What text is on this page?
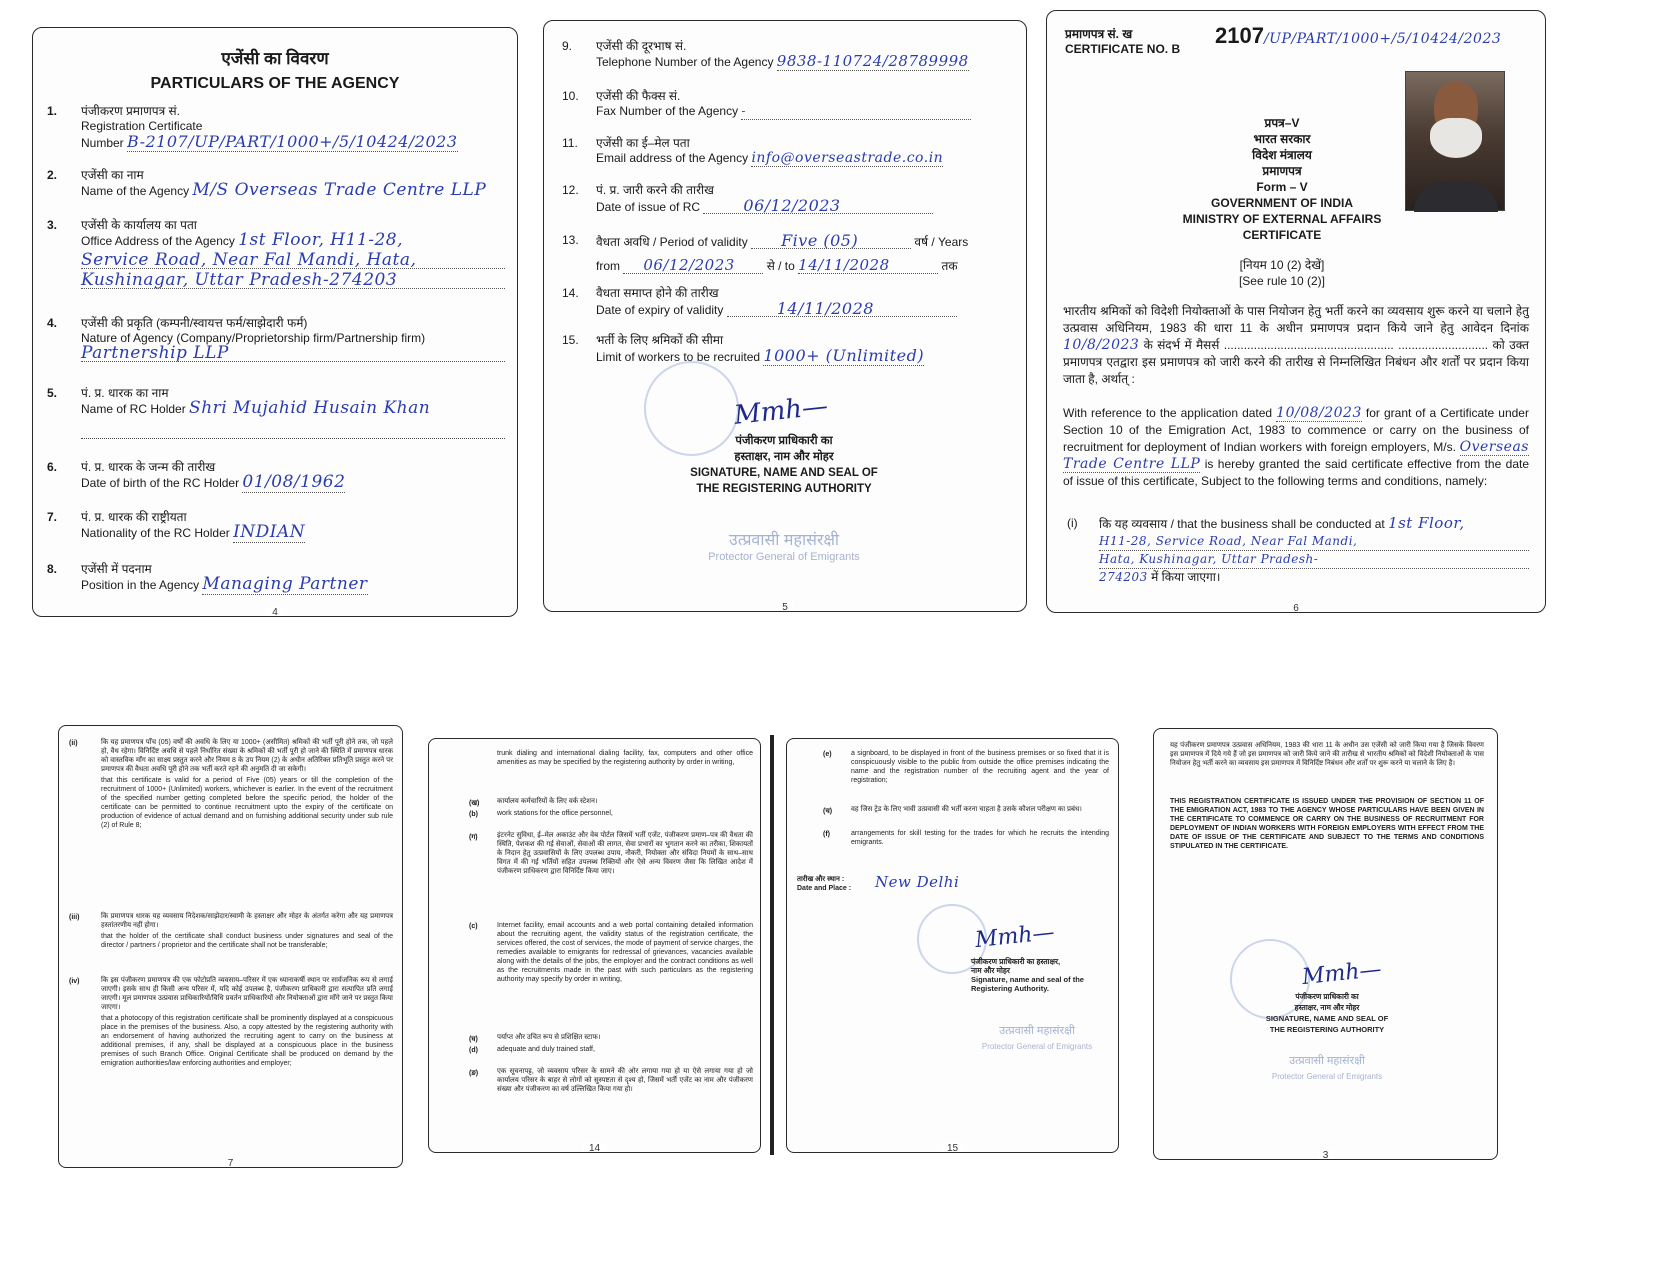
एजेंसी का विवरण
PARTICULARS OF THE AGENCY
1. पंजीकरण प्रमाणपत्र सं.
Registration Certificate
Number B-2107/UP/PART/1000+/5/10424/2023
2. एजेंसी का नाम
Name of the Agency M/S Overseas Trade Centre LLP
3. एजेंसी के कार्यालय का पता
Office Address of the Agency 1st Floor, H11-28,
Service Road, Near Fal Mandi, Hata,
Kushinagar, Uttar Pradesh-274203
4. एजेंसी की प्रकृति (कम्पनी/स्वायत्त फर्म/साझेदारी फर्म)
Nature of Agency (Company/Proprietorship firm/Partnership firm)
Partnership LLP
5. पं. प्र. धारक का नाम
Name of RC Holder Shri Mujahid Husain Khan
6. पं. प्र. धारक के जन्म की तारीख
Date of birth of the RC Holder 01/08/1962
7. पं. प्र. धारक की राष्ट्रीयता
Nationality of the RC Holder INDIAN
8. एजेंसी में पदनाम
Position in the Agency Managing Partner
4
9. एजेंसी की दूरभाष सं.
Telephone Number of the Agency 9838-110724/28789998
10. एजेंसी की फैक्स सं.
Fax Number of the Agency -
11. एजेंसी का ई–मेल पता
Email address of the Agency info@overseastrade.co.in
12. पं. प्र. जारी करने की तारीख
Date of issue of RC	06/12/2023
13. वैधता अवधि / Period of validity Five (05)	वर्ष / Years
from 06/12/2023	से / to 14/11/2028	तक
14. वैधता समाप्त होने की तारीख
Date of expiry of validity	14/11/2028
15. भर्ती के लिए श्रमिकों की सीमा
Limit of workers to be recruited 1000+ (Unlimited)
Mmh—
पंजीकरण प्राधिकारी का
हस्ताक्षर, नाम और मोहर
SIGNATURE, NAME AND SEAL OF
THE REGISTERING AUTHORITY
उत्प्रवासी महासंरक्षी
Protector General of Emigrants
5
प्रमाणपत्र सं. ख
CERTIFICATE NO. B
2107/UP/PART/1000+/5/10424/2023
प्रपत्र–V
भारत सरकार
विदेश मंत्रालय
प्रमाणपत्र
Form – V
GOVERNMENT OF INDIA
MINISTRY OF EXTERNAL AFFAIRS
CERTIFICATE
[नियम 10 (2) देखें]
[See rule 10 (2)]
भारतीय श्रमिकों को विदेशी नियोक्ताओं के पास नियोजन हेतु भर्ती करने का व्यवसाय शुरू करने या चलाने हेतु उत्प्रवास अधिनियम, 1983 की धारा 11 के अधीन प्रमाणपत्र प्रदान किये जाने हेतु आवेदन दिनांक 10/8/2023 के संदर्भ में मैसर्स ................................................... ........................... को उक्त प्रमाणपत्र एतद्वारा इस प्रमाणपत्र को जारी करने की तारीख से निम्नलिखित निबंधन और शर्तों पर प्रदान किया जाता है, अर्थात् :
With reference to the application dated 10/08/2023 for grant of a Certificate under Section 10 of the Emigration Act, 1983 to commence or carry on the business of recruitment for deployment of Indian workers with foreign employers, M/s. Overseas Trade Centre LLP is hereby granted the said certificate effective from the date of issue of this certificate, Subject to the following terms and conditions, namely:
(i) कि यह व्यवसाय / that the business shall be conducted at 1st Floor,
H11-28, Service Road, Near Fal Mandi,
Hata, Kushinagar, Uttar Pradesh-
274203 में किया जाएगा।
6
(ii)	कि यह प्रमाणपत्र पाँच (05) वर्षों की अवधि के लिए या 1000+ (असीमित) श्रमिकों की भर्ती पूरी होने तक, जो पहले हो, वैध रहेगा। विनिर्दिष्ट अवधि से पहले निर्धारित संख्या के श्रमिकों की भर्ती पूरी हो जाने की स्थिति में प्रमाणपत्र धारक को वास्तविक माँग का साक्ष्य प्रस्तुत करने और नियम 8 के उप नियम (2) के अधीन अतिरिक्त प्रतिभूति प्रस्तुत करने पर प्रमाणपत्र की वैधता अवधि पूरी होने तक भर्ती करते रहने की अनुमति दी जा सकेगी।
that this certificate is valid for a period of Five (05) years or till the completion of the recruitment of 1000+ (Unlimited) workers, whichever is earlier. In the event of the recruitment of the specified number getting completed before the specific period, the holder of the certificate can be permitted to continue recruitment upto the expiry of the certificate on production of evidence of actual demand and on furnishing additional security under sub rule (2) of Rule 8;
(iii)	कि प्रमाणपत्र धारक यह व्यवसाय निदेशक/साझेदार/स्वामी के हस्ताक्षर और मोहर के अंतर्गत करेगा और यह प्रमाणपत्र हस्तांतरणीय नहीं होगा।
that the holder of the certificate shall conduct business under signatures and seal of the director / partners / proprietor and the certificate shall not be transferable;
(iv)	कि इस पंजीकरण प्रमाणपत्र की एक फोटोप्रति व्यवसाय–परिसर में एक ध्यानाकर्षी स्थान पर सार्वजनिक रूप से लगाई जाएगी। इसके साथ ही किसी अन्य परिसर में, यदि कोई उपलब्ध है, पंजीकरण प्राधिकारी द्वारा सत्यापित प्रति लगाई जाएगी। मूल प्रमाणपत्र उत्प्रवास प्राधिकारियों/विधि प्रवर्तन प्राधिकारियों और नियोक्ताओं द्वारा माँगे जाने पर प्रस्तुत किया जाएगा।
that a photocopy of this registration certificate shall be prominently displayed at a conspicuous place in the premises of the business. Also, a copy attested by the registering authority with an endorsement of having authorized the recruiting agent to carry on the business at additional premises, if any, shall be displayed at a conspicuous place in the business premises of such Branch Office. Original Certificate shall be produced on demand by the emigration authorities/law enforcing authorities and employer;
7
trunk dialing and international dialing facility, fax, computers and other office amenities as may be specified by the registering authority by order in writing,
(ख)	कार्यालय कर्मचारियों के लिए वर्क स्टेशन।
(b)	work stations for the office personnel,
(ग)	इंटरनेट सुविधा, ई–मेल अकाउंट और वेब पोर्टल जिसमें भर्ती एजेंट, पंजीकरण प्रमाण–पत्र की वैधता की स्थिति, पेशकश की गई सेवाओं, सेवाओं की लागत, सेवा प्रभारों का भुगतान करने का तरीका, शिकायतों के निदान हेतु उत्प्रवासियों के लिए उपलब्ध उपाय, नौकरी, नियोक्ता और संविदा नियमों के साथ–साथ विगत में की गई भर्तियों सहित उपलब्ध रिक्तियों और ऐसे अन्य विवरण जैसा कि लिखित आदेश में पंजीकरण प्राधिकरण द्वारा विनिर्दिष्ट किया जाए।
(c)	Internet facility, email accounts and a web portal containing detailed information about the recruiting agent, the validity status of the registration certificate, the services offered, the cost of services, the mode of payment of service charges, the remedies available to emigrants for redressal of grievances, vacancies available along with the details of the jobs, the employer and the contract conditions as well as the recruitments made in the past with such particulars as the registering authority may specify by order in writing,
(घ)	पर्याप्त और उचित रूप से प्रशिक्षित स्टाफ।
(d)	adequate and duly trained staff,
(ङ)	एक सूचनापट्ट, जो व्यवसाय परिसर के सामने की ओर लगाया गया हो या ऐसे लगाया गया हो जो कार्यालय परिसर के बाहर से लोगों को सुस्पष्टता से दृश्य हो, जिसमें भर्ती एजेंट का नाम और पंजीकरण संख्या और पंजीकरण का वर्ष उल्लिखित किया गया हो।
14
(e)	a signboard, to be displayed in front of the business premises or so fixed that it is conspicuously visible to the public from outside the office premises indicating the name and the registration number of the recruiting agent and the year of registration;
(च)	वह जिस ट्रेड के लिए भावी उत्प्रवासी की भर्ती करना चाहता है उसके कौशल परीक्षण का प्रबंध।
(f)	arrangements for skill testing for the trades for which he recruits the intending emigrants.
तारीख और स्थान :
Date and Place :	New Delhi
Mmh—
पंजीकरण प्राधिकारी का हस्ताक्षर,
नाम और मोहर
Signature, name and seal of the
Registering Authority.
उत्प्रवासी महासंरक्षी
Protector General of Emigrants
15
यह पंजीकरण प्रमाणपत्र उत्प्रवास अधिनियम, 1983 की धारा 11 के अधीन उस एजेंसी को जारी किया गया है जिसके विवरण इस प्रमाणपत्र में दिये गये हैं जो इस प्रमाणपत्र को जारी किये जाने की तारीख से भारतीय श्रमिकों को विदेशी नियोक्ताओं के पास नियोजन हेतु भर्ती करने का व्यवसाय इस प्रमाणपत्र में विनिर्दिष्ट निबंधन और शर्तों पर शुरू करने या चलाने के लिए है।
THIS REGISTRATION CERTIFICATE IS ISSUED UNDER THE PROVISION OF SECTION 11 OF THE EMIGRATION ACT, 1983 TO THE AGENCY WHOSE PARTICULARS HAVE BEEN GIVEN IN THE CERTIFICATE TO COMMENCE OR CARRY ON THE BUSINESS OF RECRUITMENT FOR DEPLOYMENT OF INDIAN WORKERS WITH FOREIGN EMPLOYERS WITH EFFECT FROM THE DATE OF ISSUE OF THE CERTIFICATE AND SUBJECT TO THE TERMS AND CONDITIONS STIPULATED IN THE CERTIFICATE.
Mmh—
पंजीकरण प्राधिकारी का
हस्ताक्षर, नाम और मोहर
SIGNATURE, NAME AND SEAL OF
THE REGISTERING AUTHORITY
उत्प्रवासी महासंरक्षी
Protector General of Emigrants
3
